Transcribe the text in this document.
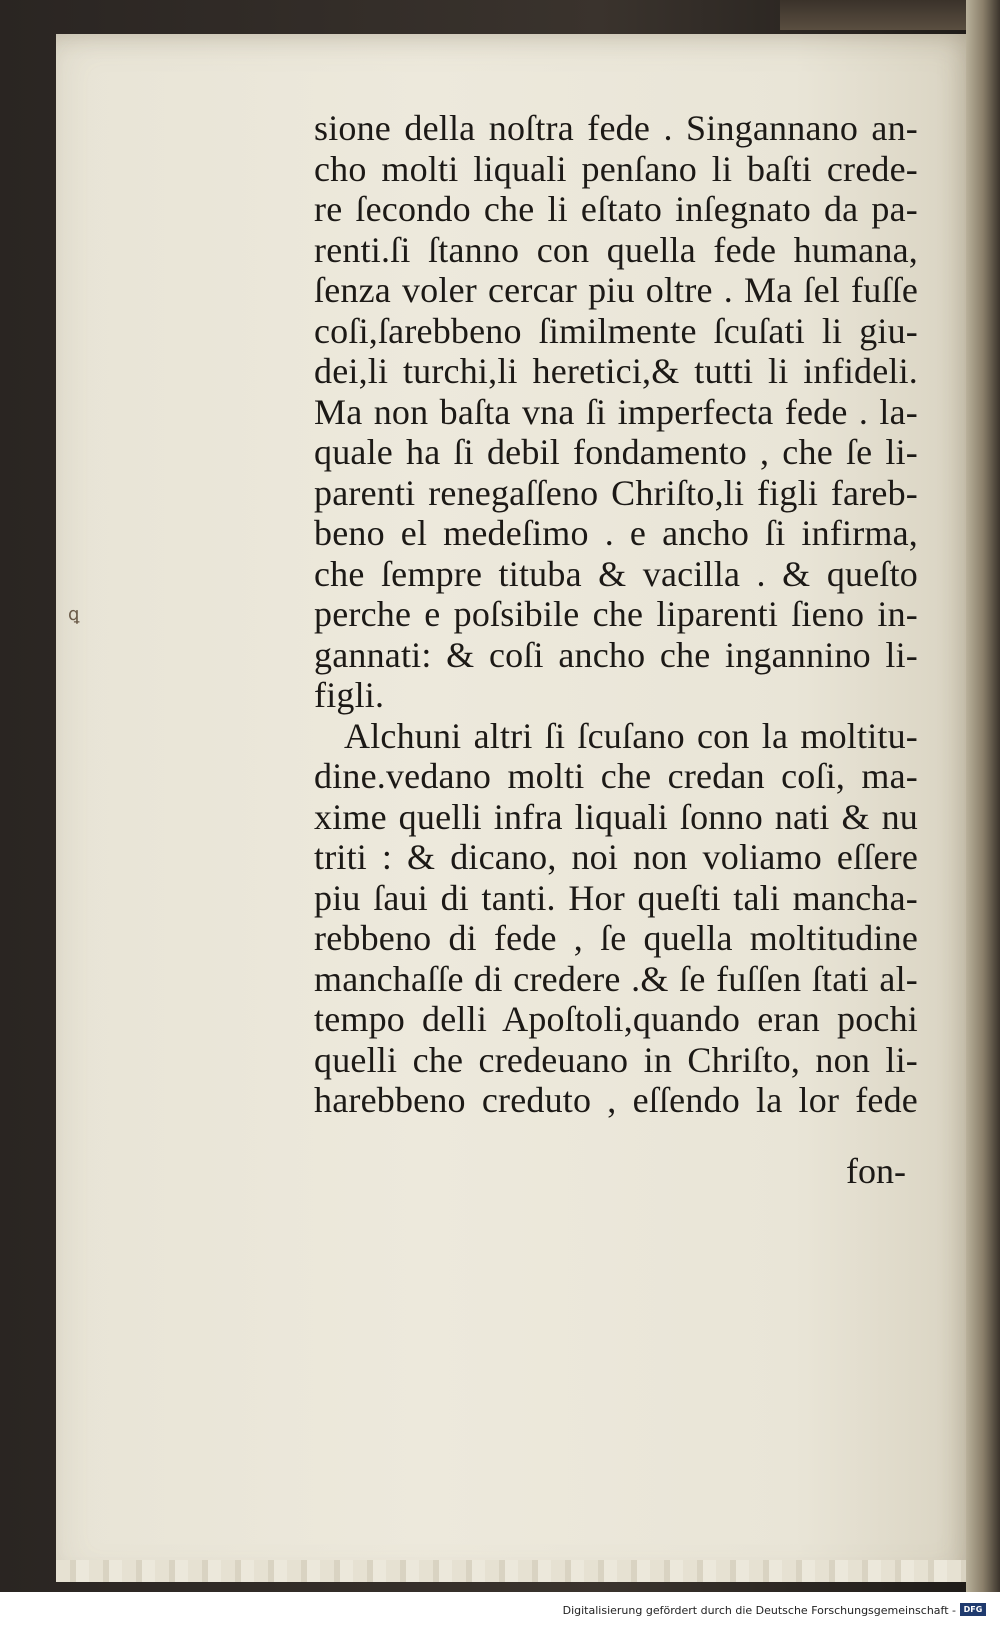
ꝗ
sione della noſtra fede . Singannano an-
cho molti liquali penſano li baſti crede-
re ſecondo che li eſtato inſegnato da pa-
renti.ſi ſtanno con quella fede humana,
ſenza voler cercar piu oltre . Ma ſel fuſſe
coſi,ſarebbeno ſimilmente ſcuſati li giu-
dei,li turchi,li heretici,& tutti li infideli.
Ma non baſta vna ſi imperfecta fede . la-
quale ha ſi debil fondamento , che ſe li-
parenti renegaſſeno Chriſto,li figli fareb-
beno el medeſimo . e ancho ſi infirma,
che ſempre tituba & vacilla . & queſto
perche e poſsibile che liparenti ſieno in-
gannati: & coſi ancho che ingannino li-
figli.
Alchuni altri ſi ſcuſano con la moltitu-
dine.vedano molti che credan coſi, ma-
xime quelli infra liquali ſonno nati & nu
triti : & dicano, noi non voliamo eſſere
piu ſaui di tanti. Hor queſti tali mancha-
rebbeno di fede , ſe quella moltitudine
manchaſſe di credere .& ſe fuſſen ſtati al-
tempo delli Apoſtoli,quando eran pochi
quelli che credeuano in Chriſto, non li-
harebbeno creduto , eſſendo la lor fede
fon-
Digitalisierung gefördert durch die Deutsche Forschungsgemeinschaft - DFG
